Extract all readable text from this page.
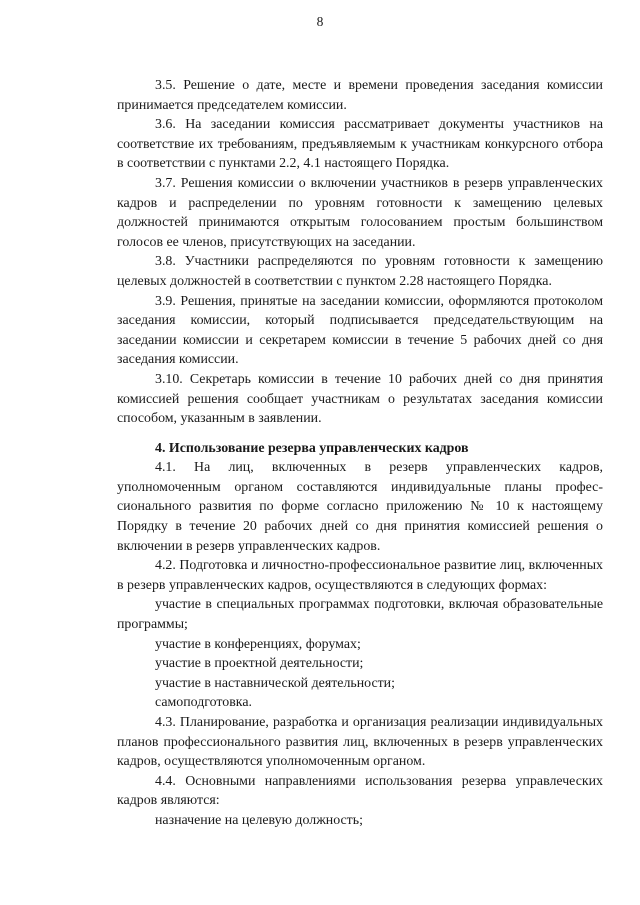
8

3.5. Решение о дате, месте и времени проведения заседания комиссии принимается председателем комиссии.

3.6. На заседании комиссия рассматривает документы участников на соответствие их требованиям, предъявляемым к участникам конкурсного отбора в соответствии с пунктами 2.2, 4.1 настоящего Порядка.

3.7. Решения комиссии о включении участников в резерв управленческих кадров и распределении по уровням готовности к замещению целевых должностей принимаются открытым голосованием простым большинством голосов ее членов, присутствующих на заседании.

3.8. Участники распределяются по уровням готовности к замещению целевых должностей в соответствии с пунктом 2.28 настоящего Порядка.

3.9. Решения, принятые на заседании комиссии, оформляются протоколом заседания комиссии, который подписывается председательствующим на заседании комиссии и секретарем комиссии в течение 5 рабочих дней со дня заседания комиссии.

3.10. Секретарь комиссии в течение 10 рабочих дней со дня принятия комиссией решения сообщает участникам о результатах заседания комиссии способом, указанным в заявлении.

4. Использование резерва управленческих кадров

4.1. На лиц, включенных в резерв управленческих кадров, уполномоченным органом составляются индивидуальные планы профессионального развития по форме согласно приложению № 10 к настоящему Порядку в течение 20 рабочих дней со дня принятия комиссией решения о включении в резерв управленческих кадров.

4.2. Подготовка и личностно-профессиональное развитие лиц, включенных в резерв управленческих кадров, осуществляются в следующих формах:

участие в специальных программах подготовки, включая образовательные программы;

участие в конференциях, форумах;

участие в проектной деятельности;

участие в наставнической деятельности;

самоподготовка.

4.3. Планирование, разработка и организация реализации индивидуальных планов профессионального развития лиц, включенных в резерв управленческих кадров, осуществляются уполномоченным органом.

4.4. Основными направлениями использования резерва управлеческих кадров являются:

назначение на целевую должность;
